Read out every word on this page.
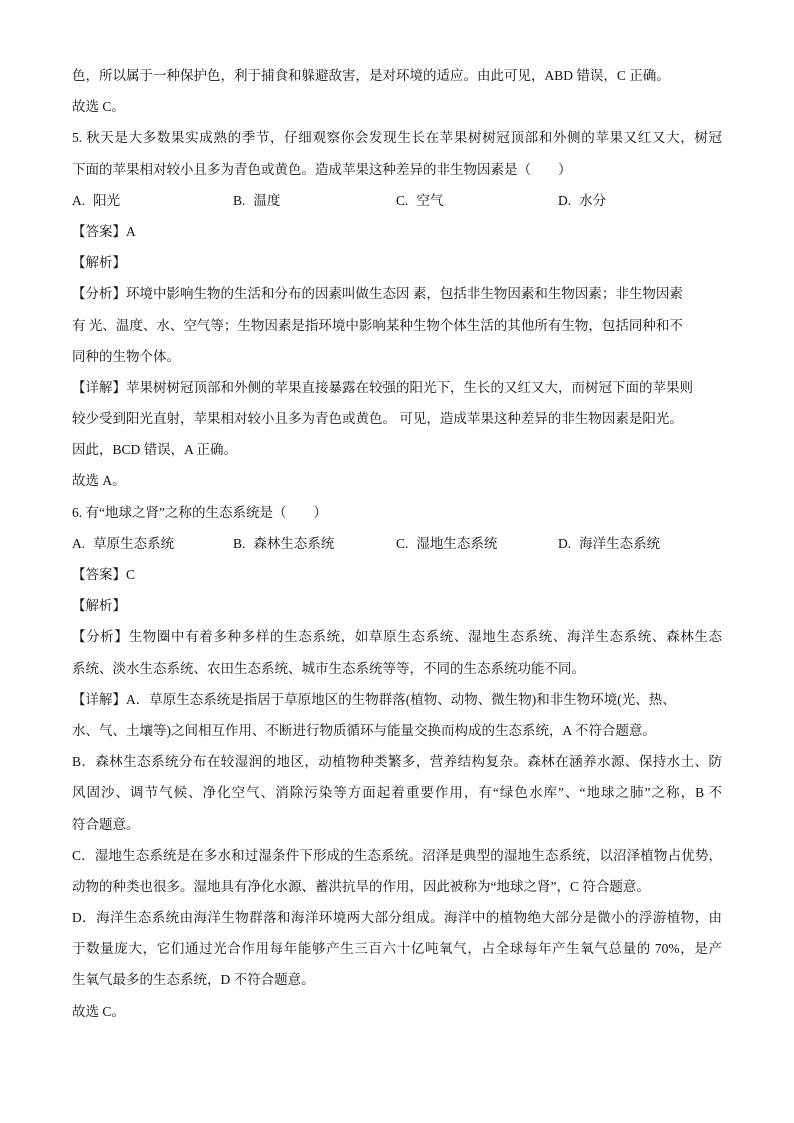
色，所以属于一种保护色，利于捕食和躲避敌害，是对环境的适应。由此可见，ABD 错误，C 正确。
故选 C。
5. 秋天是大多数果实成熟的季节，仔细观察你会发现生长在苹果树树冠顶部和外侧的苹果又红又大，树冠
下面的苹果相对较小且多为青色或黄色。造成苹果这种差异的非生物因素是（　　）
A. 阳光	B. 温度	C. 空气	D. 水分
【答案】A
【解析】
【分析】环境中影响生物的生活和分布的因素叫做生态因 素，包括非生物因素和生物因素；非生物因素
有 光、温度、水、空气等；生物因素是指环境中影响某种生物个体生活的其他所有生物，包括同种和不
同种的生物个体。
【详解】苹果树树冠顶部和外侧的苹果直接暴露在较强的阳光下，生长的又红又大，而树冠下面的苹果则
较少受到阳光直射，苹果相对较小且多为青色或黄色。 可见，造成苹果这种差异的非生物因素是阳光。
因此，BCD 错误，A 正确。
故选 A。
6. 有“地球之肾”之称的生态系统是（　　）
A. 草原生态系统	B. 森林生态系统	C. 湿地生态系统	D. 海洋生态系统
【答案】C
【解析】
【分析】生物圈中有着多种多样的生态系统，如草原生态系统、湿地生态系统、海洋生态系统、森林生态
系统、淡水生态系统、农田生态系统、城市生态系统等等，不同的生态系统功能不同。
【详解】A．草原生态系统是指居于草原地区的生物群落(植物、动物、微生物)和非生物环境(光、热、
水、气、土壤等)之间相互作用、不断进行物质循环与能量交换而构成的生态系统，A 不符合题意。
B．森林生态系统分布在较湿润的地区，动植物种类繁多，营养结构复杂。森林在涵养水源、保持水土、防
风固沙、调节气候、净化空气、消除污染等方面起着重要作用，有“绿色水库”、“地球之肺”之称，B 不
符合题意。
C．湿地生态系统是在多水和过湿条件下形成的生态系统。沼泽是典型的湿地生态系统，以沼泽植物占优势，
动物的种类也很多。湿地具有净化水源、蓄洪抗旱的作用，因此被称为“地球之肾”，C 符合题意。
D．海洋生态系统由海洋生物群落和海洋环境两大部分组成。海洋中的植物绝大部分是微小的浮游植物，由
于数量庞大，它们通过光合作用每年能够产生三百六十亿吨氧气，占全球每年产生氧气总量的 70%，是产
生氧气最多的生态系统，D 不符合题意。
故选 C。
